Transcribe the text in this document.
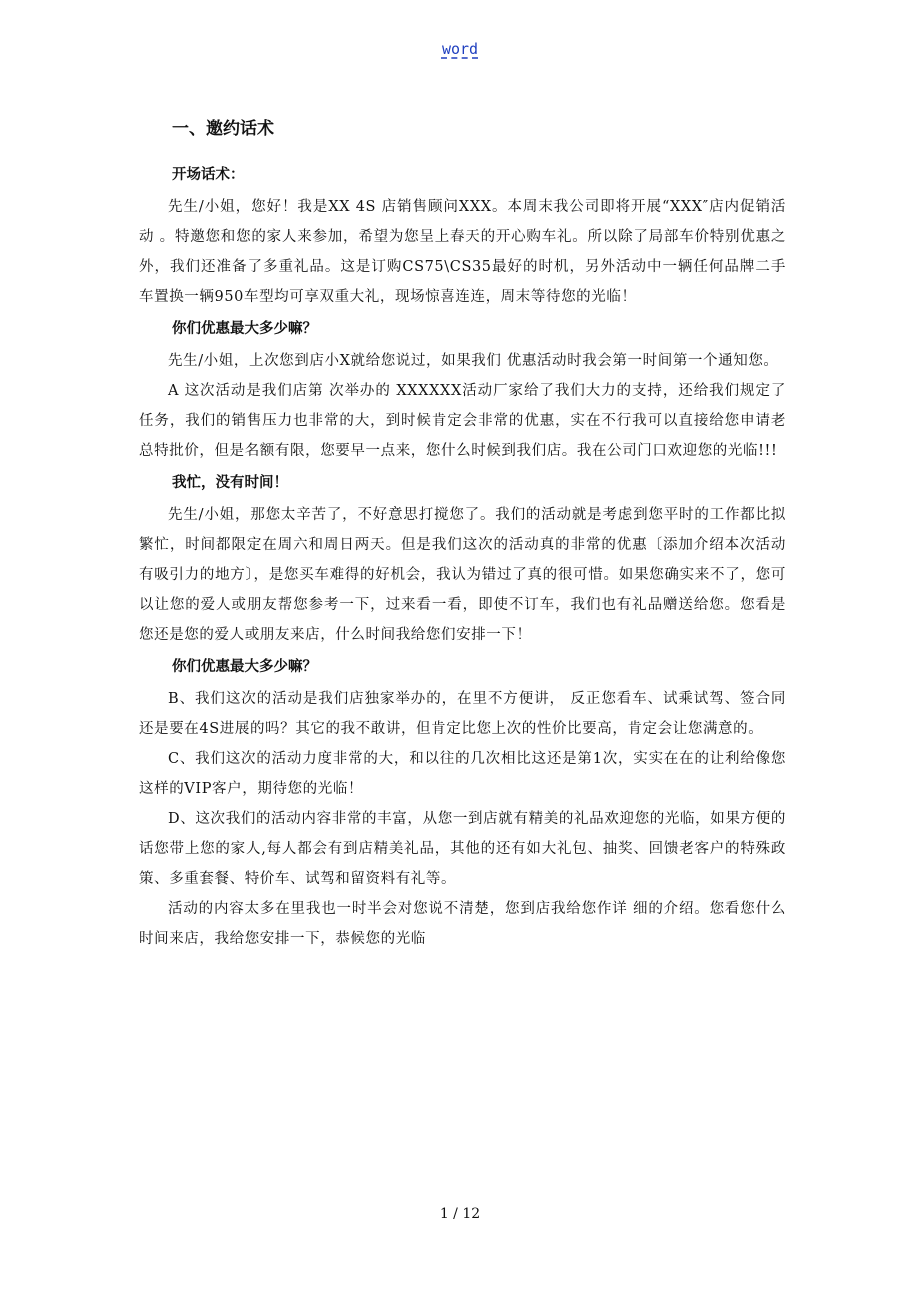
word
一、邀约话术
开场话术：

先生/小姐，您好！我是XX 4S 店销售顾问XXX。本周末我公司即将开展“XXX″店内促销活动 。特邀您和您的家人来参加，希望为您呈上春天的开心购车礼。所以除了局部车价特别优惠之外，我们还准备了多重礼品。这是订购CS75\CS35最好的时机，另外活动中一辆任何品牌二手车置换一辆950车型均可享双重大礼，现场惊喜连连，周末等待您的光临！

你们优惠最大多少嘛？

先生/小姐，上次您到店小X就给您说过，如果我们 优惠活动时我会第一时间第一个通知您。

A 这次活动是我们店第 次举办的 XXXXXX活动厂家给了我们大力的支持，还给我们规定了任务，我们的销售压力也非常的大，到时候肯定会非常的优惠，实在不行我可以直接给您申请老总特批价，但是名额有限，您要早一点来，您什么时候到我们店。我在公司门口欢迎您的光临!!!

我忙，没有时间！

先生/小姐，那您太辛苦了，不好意思打搅您了。我们的活动就是考虑到您平时的工作都比拟繁忙，时间都限定在周六和周日两天。但是我们这次的活动真的非常的优惠〔添加介绍本次活动有吸引力的地方〕，是您买车难得的好机会，我认为错过了真的很可惜。如果您确实来不了，您可以让您的爱人或朋友帮您参考一下，过来看一看，即使不订车，我们也有礼品赠送给您。您看是您还是您的爱人或朋友来店，什么时间我给您们安排一下！

你们优惠最大多少嘛？

B、我们这次的活动是我们店独家举办的，在里不方便讲， 反正您看车、试乘试驾、签合同还是要在4S进展的吗？其它的我不敢讲，但肯定比您上次的性价比要高，肯定会让您满意的。

C、我们这次的活动力度非常的大，和以往的几次相比这还是第1次，实实在在的让利给像您这样的VIP客户，期待您的光临！

D、这次我们的活动内容非常的丰富，从您一到店就有精美的礼品欢迎您的光临，如果方便的话您带上您的家人,每人都会有到店精美礼品，其他的还有如大礼包、抽奖、回馈老客户的特殊政策、多重套餐、特价车、试驾和留资料有礼等。

活动的内容太多在里我也一时半会对您说不清楚，您到店我给您作详 细的介绍。您看您什么时间来店，我给您安排一下，恭候您的光临

1 / 12
